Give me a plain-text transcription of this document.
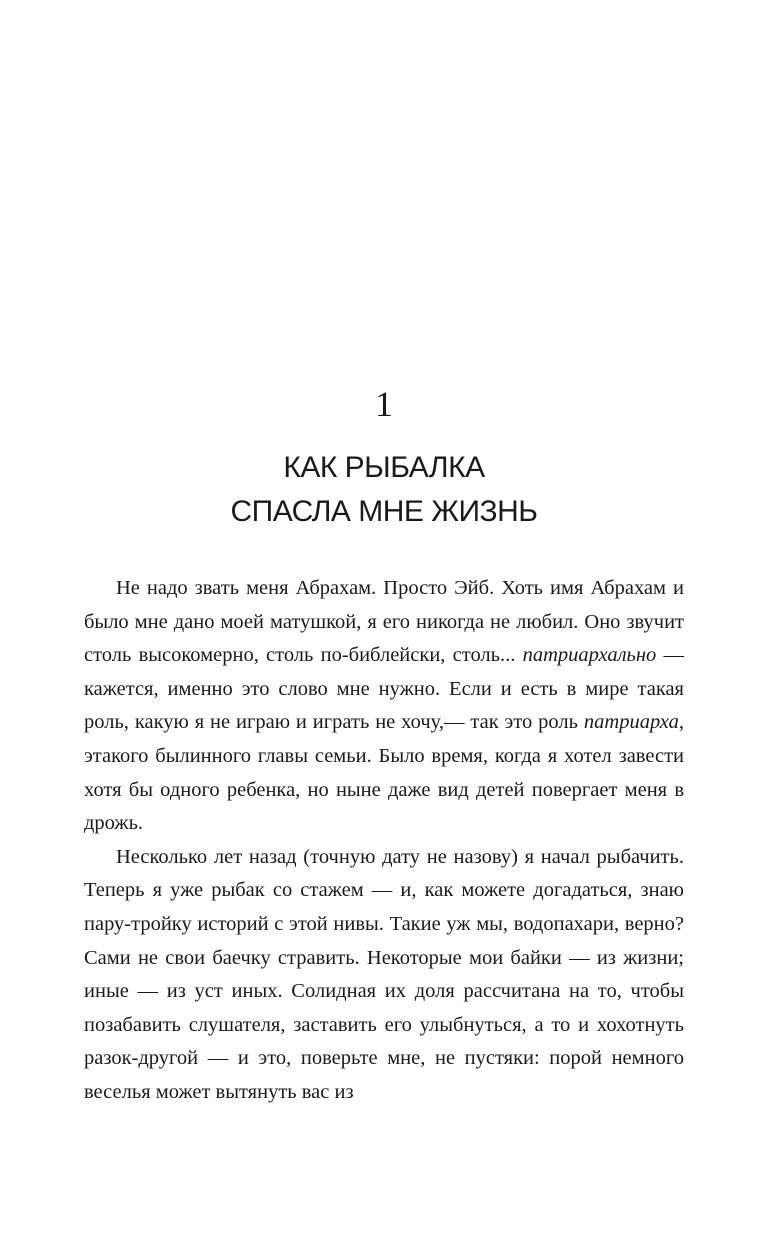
1
КАК РЫБАЛКА
СПАСЛА МНЕ ЖИЗНЬ

Не надо звать меня Абрахам. Просто Эйб. Хоть имя Абрахам и было мне дано моей матушкой, я его никогда не любил. Оно звучит столь высокомерно, столь по-библейски, столь... патриархально — кажется, именно это слово мне нужно. Если и есть в мире такая роль, какую я не играю и играть не хочу,— так это роль патриарха, этакого былинного главы семьи. Было время, когда я хотел завести хотя бы одного ребенка, но ныне даже вид детей повергает меня в дрожь.

Несколько лет назад (точную дату не назову) я начал рыбачить. Теперь я уже рыбак со стажем — и, как можете догадаться, знаю пару-тройку историй с этой нивы. Такие уж мы, водопахари, верно? Сами не свои баечку стравить. Некоторые мои байки — из жизни; иные — из уст иных. Солидная их доля рассчитана на то, чтобы позабавить слушателя, заставить его улыбнуться, а то и хохотнуть разок-другой — и это, поверьте мне, не пустяки: порой немного веселья может вытянуть вас из
